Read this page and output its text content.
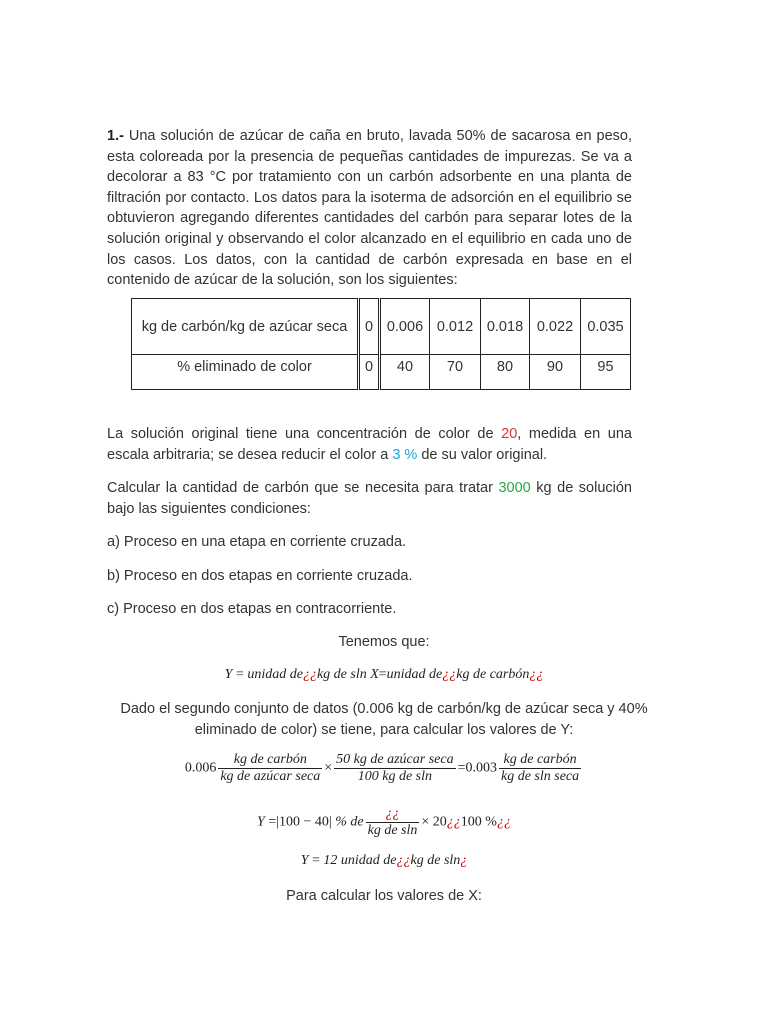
1.- Una solución de azúcar de caña en bruto, lavada 50% de sacarosa en peso, esta coloreada por la presencia de pequeñas cantidades de impurezas. Se va a decolorar a 83 °C por tratamiento con un carbón adsorbente en una planta de filtración por contacto. Los datos para la isoterma de adsorción en el equilibrio se obtuvieron agregando diferentes cantidades del carbón para separar lotes de la solución original y observando el color alcanzado en el equilibrio en cada uno de los casos. Los datos, con la cantidad de carbón expresada en base en el contenido de azúcar de la solución, son los siguientes:

kg de carbón/kg de azúcar seca	0	0.006	0.012	0.018	0.022	0.035
% eliminado de color	0	40	70	80	90	95

La solución original tiene una concentración de color de 20, medida en una escala arbitraria; se desea reducir el color a 3 % de su valor original.

Calcular la cantidad de carbón que se necesita para tratar 3000 kg de solución bajo las siguientes condiciones:

a) Proceso en una etapa en corriente cruzada.

b) Proceso en dos etapas en corriente cruzada.

c) Proceso en dos etapas en contracorriente.

Tenemos que:

Y = unidad de¿¿kg de sln X=unidad de¿¿kg de carbón¿¿

Dado el segundo conjunto de datos (0.006 kg de carbón/kg de azúcar seca y 40% eliminado de color) se tiene, para calcular los valores de Y:

$0.006 \frac{\text{kg de carbón}}{\text{kg de azúcar seca}} \times \frac{\text{50 kg de azúcar seca}}{\text{100 kg de sln}} =0.003 \frac{\text{kg de carbón}}{\text{kg de sln seca}}$
Y =|100 − 40| % de $\frac{¿¿}{\text{kg de sln}}$ × 20¿¿100 %¿¿

Y = 12 unidad de¿¿kg de sln¿

Para calcular los valores de X:
